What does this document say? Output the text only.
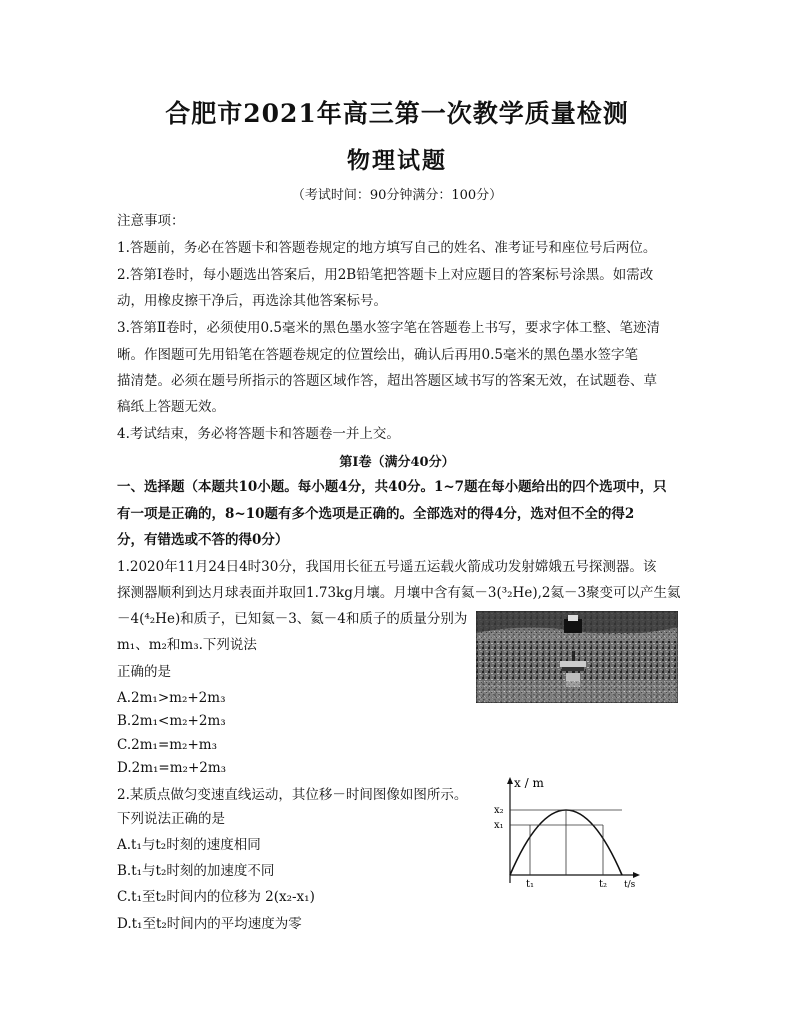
合肥市2021年高三第一次教学质量检测
物理试题
（考试时间：90分钟满分：100分）
注意事项：
1.答题前，务必在答题卡和答题卷规定的地方填写自己的姓名、准考证号和座位号后两位。
2.答第Ⅰ卷时，每小题选出答案后，用2B铅笔把答题卡上对应题目的答案标号涂黑。如需改
动，用橡皮擦干净后，再选涂其他答案标号。
3.答第Ⅱ卷时，必须使用0.5毫米的黑色墨水签字笔在答题卷上书写，要求字体工整、笔迹清
晰。作图题可先用铅笔在答题卷规定的位置绘出，确认后再用0.5毫米的黑色墨水签字笔
描清楚。必须在题号所指示的答题区域作答，超出答题区域书写的答案无效，在试题卷、草
稿纸上答题无效。
4.考试结束，务必将答题卡和答题卷一并上交。
第Ⅰ卷（满分40分）
一、选择题（本题共10小题。每小题4分，共40分。1~7题在每小题给出的四个选项中，只
有一项是正确的，8~10题有多个选项是正确的。全部选对的得4分，选对但不全的得2
分，有错选或不答的得0分）
1.2020年11月24日4时30分，我国用长征五号遥五运载火箭成功发射嫦娥五号探测器。该
探测器顺利到达月球表面并取回1.73kg月壤。月壤中含有氦－3(³₂He),2氦－3聚变可以产生氦
－4(⁴₂He)和质子，已知氦－3、氦－4和质子的质量分别为
m₁、m₂和m₃.下列说法
正确的是
A.2m₁>m₂+2m₃
B.2m₁<m₂+2m₃
C.2m₁=m₂+m₃
D.2m₁=m₂+2m₃
2.某质点做匀变速直线运动，其位移－时间图像如图所示。
下列说法正确的是
A.t₁与t₂时刻的速度相同
B.t₁与t₂时刻的加速度不同
C.t₁至t₂时间内的位移为 2(x₂-x₁)
D.t₁至t₂时间内的平均速度为零
x / m
x₂
x₁
t₁	t₂ t/s
